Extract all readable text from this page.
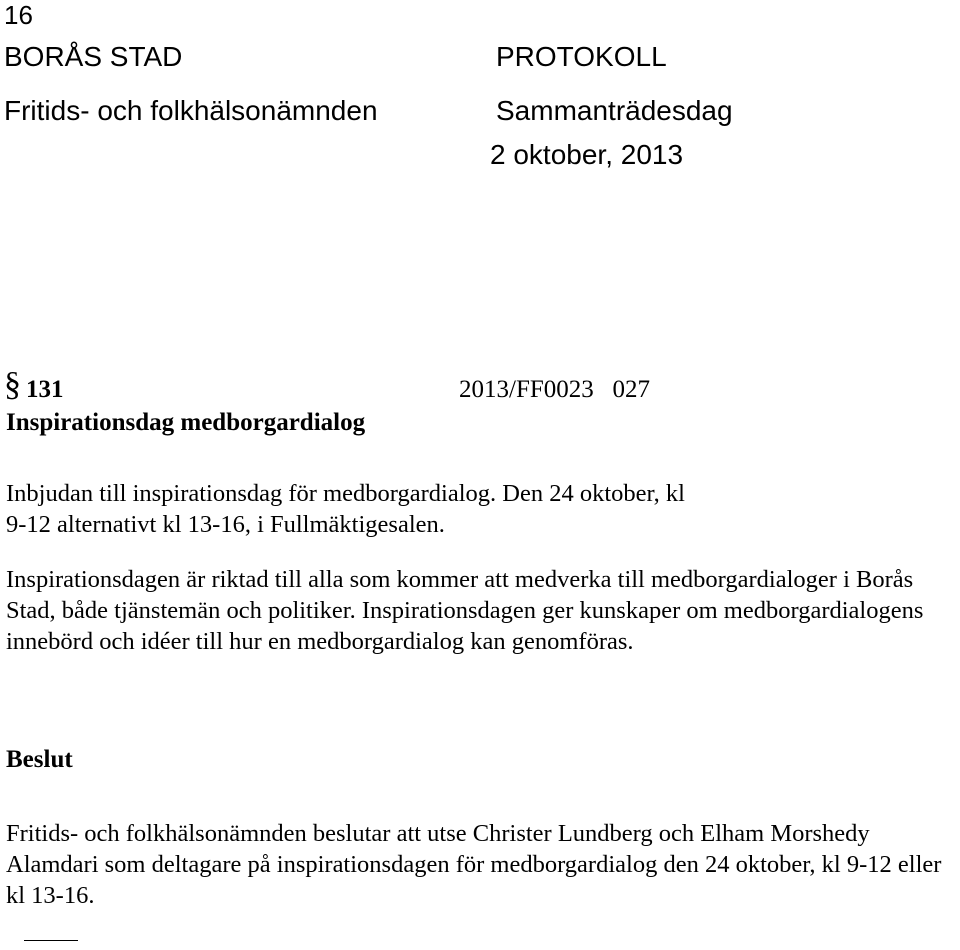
16
BORÅS STAD	PROTOKOLL
Fritids- och folkhälsonämnden	Sammanträdesdag
2 oktober, 2013
§ 131	2013/FF0023   027
Inspirationsdag medborgardialog

Inbjudan till inspirationsdag för medborgardialog. Den 24 oktober, kl 9-12 alternativt kl 13-16, i Fullmäktigesalen.

Inspirationsdagen är riktad till alla som kommer att medverka till medborgardialoger i Borås Stad, både tjänstemän och politiker. Inspirationsdagen ger kunskaper om medborgardialogens innebörd och idéer till hur en medborgardialog kan genomföras.

Beslut

Fritids- och folkhälsonämnden beslutar att utse Christer Lundberg och Elham Morshedy Alamdari som deltagare på inspirationsdagen för medborgardialog den 24 oktober, kl 9-12 eller kl 13-16.
